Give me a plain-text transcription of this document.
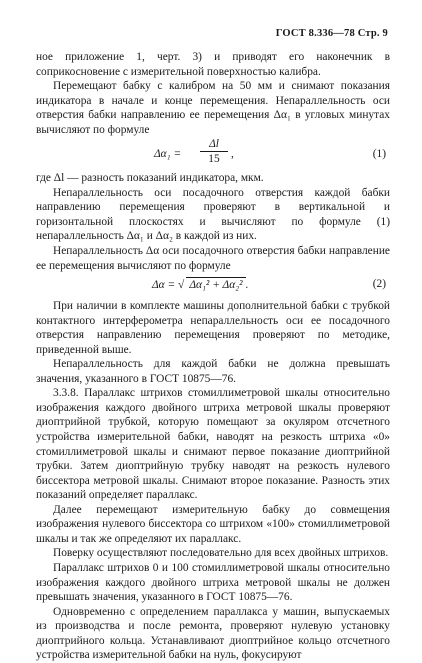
ГОСТ 8.336—78 Стр. 9

ное приложение 1, черт. 3) и приводят его наконечник в соприкосновение с измерительной поверхностью калибра.

Перемещают бабку с калибром на 50 мм и снимают показания индикатора в начале и конце перемещения. Непараллельность оси отверстия бабки направлению ее перемещения Δα₁ в угловых минутах вычисляют по формуле

$\Delta\alpha_1 = \frac{\Delta l}{15}$ ,	(1)

где Δl — разность показаний индикатора, мкм.

Непараллельность оси посадочного отверстия каждой бабки направлению перемещения проверяют в вертикальной и горизонтальной плоскостях и вычисляют по формуле (1) непараллельность Δα₁ и Δα₂ в каждой из них.

Непараллельность Δα оси посадочного отверстия бабки направление ее перемещения вычисляют по формуле

Δα = √ Δα₁² + Δα₂² .	(2)

При наличии в комплекте машины дополнительной бабки с трубкой контактного интерферометра непараллельность оси ее посадочного отверстия направлению перемещения проверяют по методике, приведенной выше.

Непараллельность для каждой бабки не должна превышать значения, указанного в ГОСТ 10875—76.

3.3.8. Параллакс штрихов стомиллиметровой шкалы относительно изображения каждого двойного штриха метровой шкалы проверяют диоптрийной трубкой, которую помещают за окуляром отсчетного устройства измерительной бабки, наводят на резкость штриха «0» стомиллиметровой шкалы и снимают первое показание диоптрийной трубки. Затем диоптрийную трубку наводят на резкость нулевого биссектора метровой шкалы. Снимают второе показание. Разность этих показаний определяет параллакс.

Далее перемещают измерительную бабку до совмещения изображения нулевого биссектора со штрихом «100» стомиллиметровой шкалы и так же определяют их параллакс.

Поверку осуществляют последовательно для всех двойных штрихов.

Параллакс штрихов 0 и 100 стомиллиметровой шкалы относительно изображения каждого двойного штриха метровой шкалы не должен превышать значения, указанного в ГОСТ 10875—76.

Одновременно с определением параллакса у машин, выпускаемых из производства и после ремонта, проверяют нулевую установку диоптрийного кольца. Устанавливают диоптрийное кольцо отсчетного устройства измерительной бабки на нуль, фокусируют
